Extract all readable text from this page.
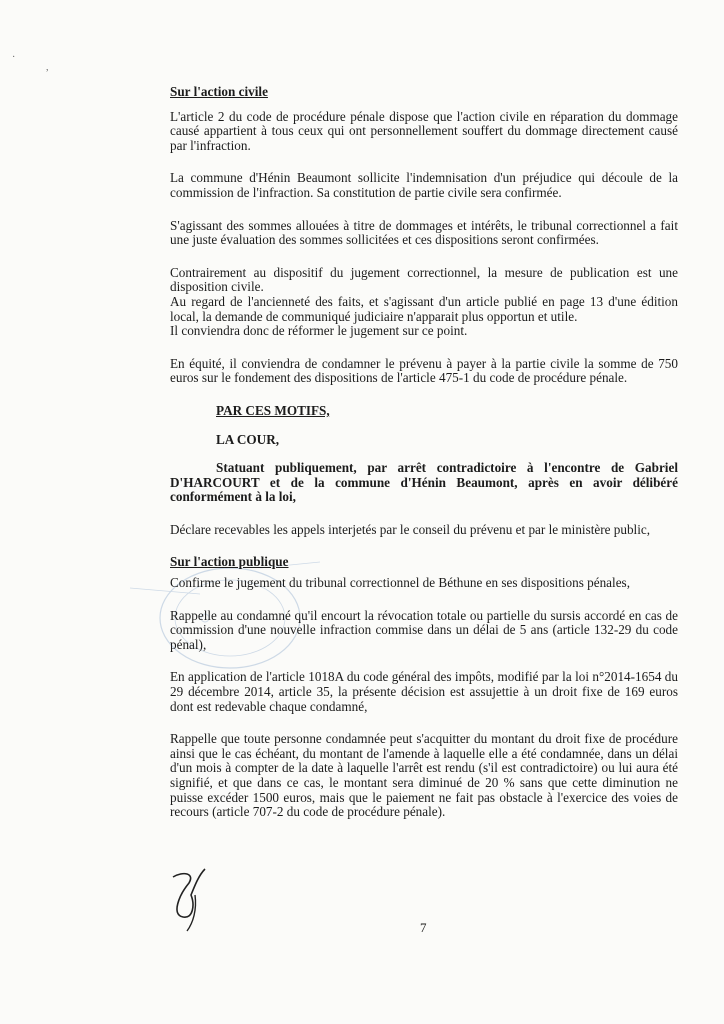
·
,
Sur l'action civile

L'article 2 du code de procédure pénale dispose que l'action civile en réparation du dommage causé appartient à tous ceux qui ont personnellement souffert du dommage directement causé par l'infraction.

La commune d'Hénin Beaumont sollicite l'indemnisation d'un préjudice qui découle de la commission de l'infraction. Sa constitution de partie civile sera confirmée.

S'agissant des sommes allouées à titre de dommages et intérêts, le tribunal correctionnel a fait une juste évaluation des sommes sollicitées et ces dispositions seront confirmées.

Contrairement au dispositif du jugement correctionnel, la mesure de publication est une disposition civile.

Au regard de l'ancienneté des faits, et s'agissant d'un article publié en page 13 d'une édition local, la demande de communiqué judiciaire n'apparait plus opportun et utile.

Il conviendra donc de réformer le jugement sur ce point.

En équité, il conviendra de condamner le prévenu à payer à la partie civile la somme de 750 euros sur le fondement des dispositions de l'article 475-1 du code de procédure pénale.

PAR CES MOTIFS,
LA COUR,

Statuant publiquement, par arrêt contradictoire à l'encontre de Gabriel D'HARCOURT et de la commune d'Hénin Beaumont, après en avoir délibéré conformément à la loi,

Déclare recevables les appels interjetés par le conseil du prévenu et par le ministère public,

Sur l'action publique

Confirme le jugement du tribunal correctionnel de Béthune en ses dispositions pénales,

Rappelle au condamné qu'il encourt la révocation totale ou partielle du sursis accordé en cas de commission d'une nouvelle infraction commise dans un délai de 5 ans (article 132-29 du code pénal),

En application de l'article 1018A du code général des impôts, modifié par la loi n°2014-1654 du 29 décembre 2014, article 35, la présente décision est assujettie à un droit fixe de 169 euros dont est redevable chaque condamné,

Rappelle que toute personne condamnée peut s'acquitter du montant du droit fixe de procédure ainsi que le cas échéant, du montant de l'amende à laquelle elle a été condamnée, dans un délai d'un mois à compter de la date à laquelle l'arrêt est rendu (s'il est contradictoire) ou lui aura été signifié, et que dans ce cas, le montant sera diminué de 20 % sans que cette diminution ne puisse excéder 1500 euros, mais que le paiement ne fait pas obstacle à l'exercice des voies de recours (article 707-2 du code de procédure pénale).

7
